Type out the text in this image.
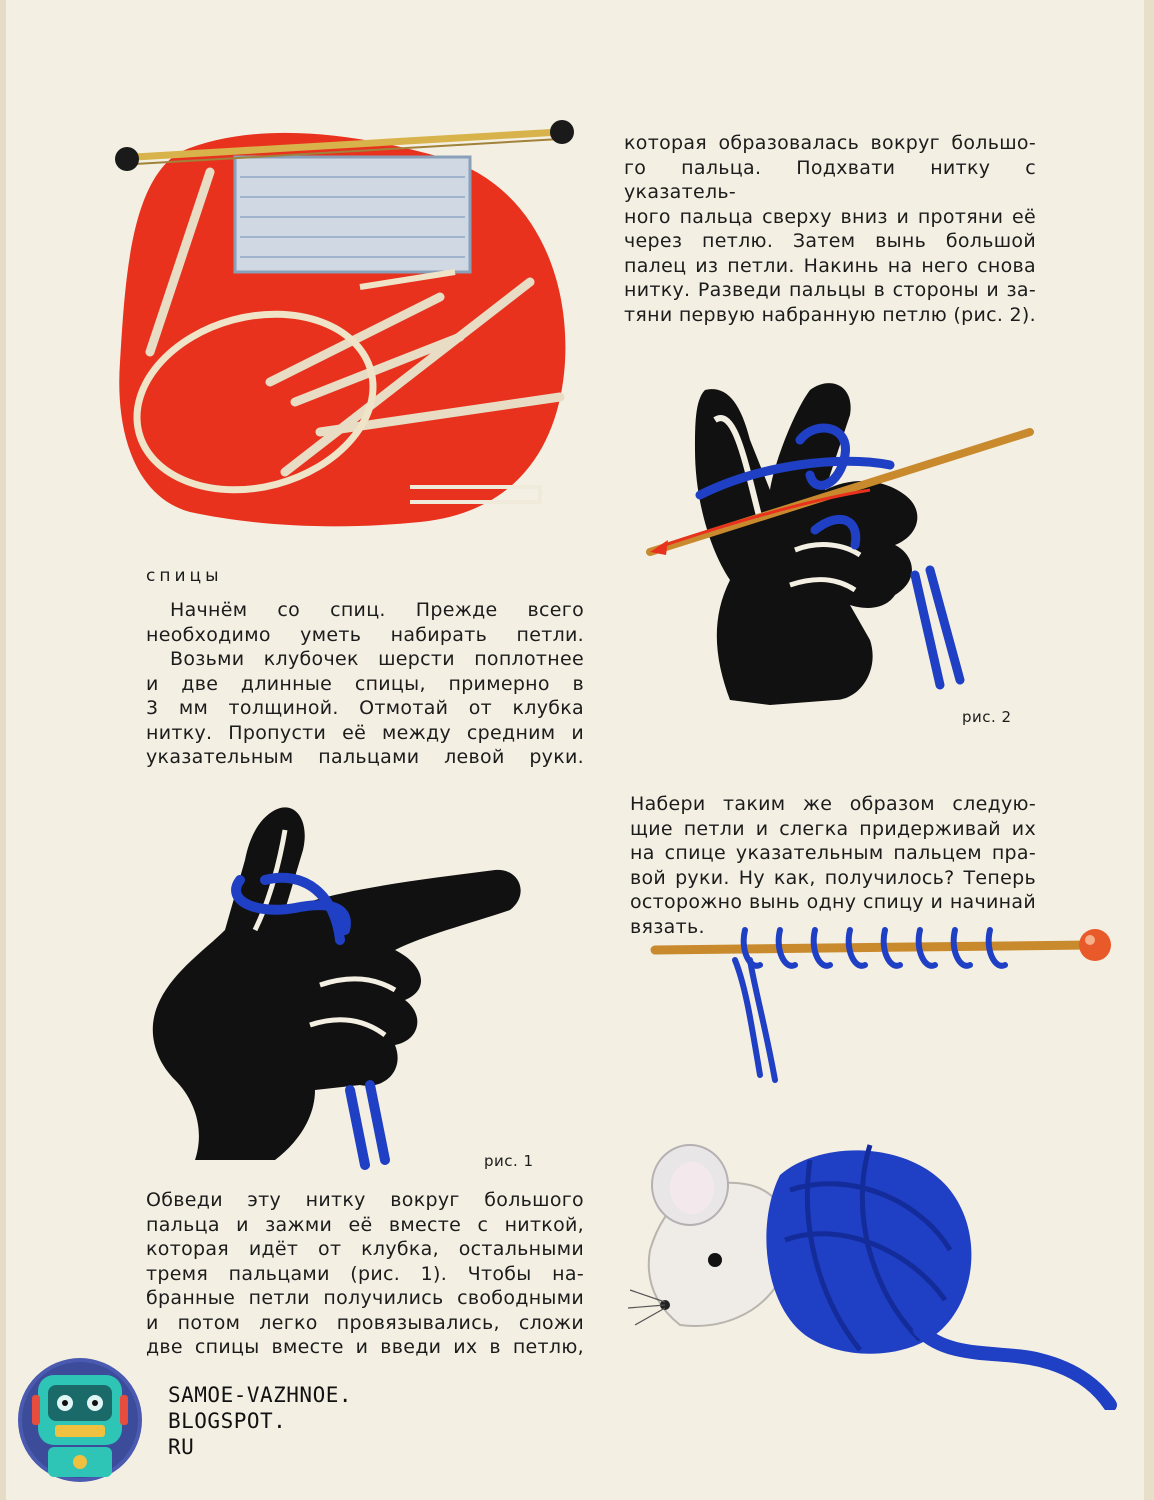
спицы

Начнём со спиц. Прежде всего

необходимо уметь набирать петли.

Возьми клубочек шерсти поплотнее

и две длинные спицы, примерно в

3 мм толщиной. Отмотай от клубка

нитку. Пропусти её между средним и

указательным пальцами левой руки.

которая образовалась вокруг большо-

го пальца. Подхвати нитку с указатель-

ного пальца сверху вниз и протяни её

через петлю. Затем вынь большой

палец из петли. Накинь на него снова

нитку. Разведи пальцы в стороны и за-

тяни первую набранную петлю (рис. 2).

рис. 2

Набери таким же образом следую-

щие петли и слегка придерживай их

на спице указательным пальцем пра-

вой руки. Ну как, получилось? Теперь

осторожно вынь одну спицу и начинай

вязать.

рис. 1

Обведи эту нитку вокруг большого

пальца и зажми её вместе с ниткой,

которая идёт от клубка, остальными

тремя пальцами (рис. 1). Чтобы на-

бранные петли получились свободными

и потом легко провязывались, сложи

две спицы вместе и введи их в петлю,

SAMOE-VAZHNOE.
BLOGSPOT.
RU
